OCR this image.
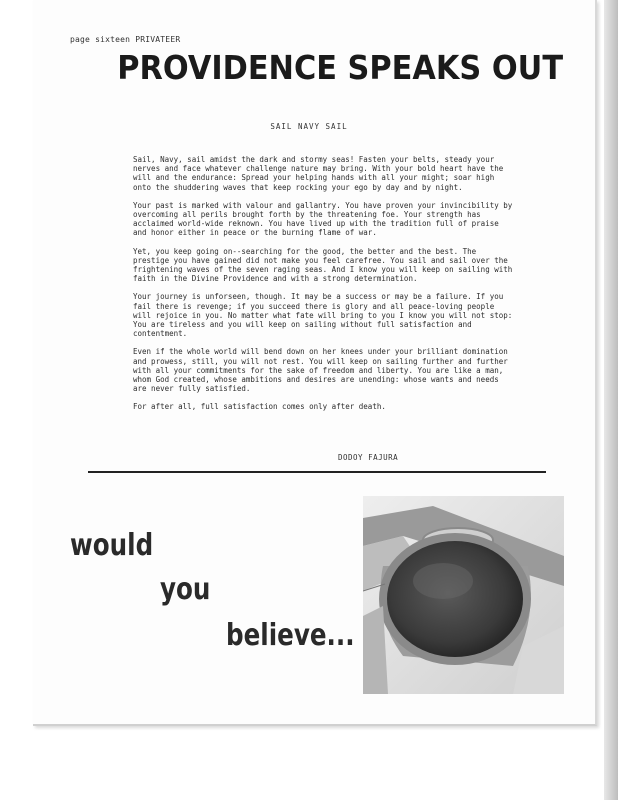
page sixteen PRIVATEER
PROVIDENCE SPEAKS OUT
SAIL NAVY SAIL

Sail, Navy, sail amidst the dark and stormy seas! Fasten your belts, steady your nerves and face whatever challenge nature may bring. With your bold heart have the will and the endurance: Spread your helping hands with all your might; soar high onto the shuddering waves that keep rocking your ego by day and by night.

Your past is marked with valour and gallantry. You have proven your invincibility by overcoming all perils brought forth by the threatening foe. Your strength has acclaimed world-wide reknown. You have lived up with the tradition full of praise and honor either in peace or the burning flame of war.

Yet, you keep going on--searching for the good, the better and the best. The prestige you have gained did not make you feel carefree. You sail and sail over the frightening waves of the seven raging seas. And I know you will keep on sailing with faith in the Divine Providence and with a strong determination.

Your journey is unforseen, though. It may be a success or may be a failure. If you fail there is revenge; if you succeed there is glory and all peace-loving people will rejoice in you. No matter what fate will bring to you I know you will not stop: You are tireless and you will keep on sailing without full satisfaction and contentment.

Even if the whole world will bend down on her knees under your brilliant domination and prowess, still, you will not rest. You will keep on sailing further and further with all your commitments for the sake of freedom and liberty. You are like a man, whom God created, whose ambitions and desires are unending: whose wants and needs are never fully satisfied.

For after all, full satisfaction comes only after death.

DODOY FAJURA
would
you
believe...
